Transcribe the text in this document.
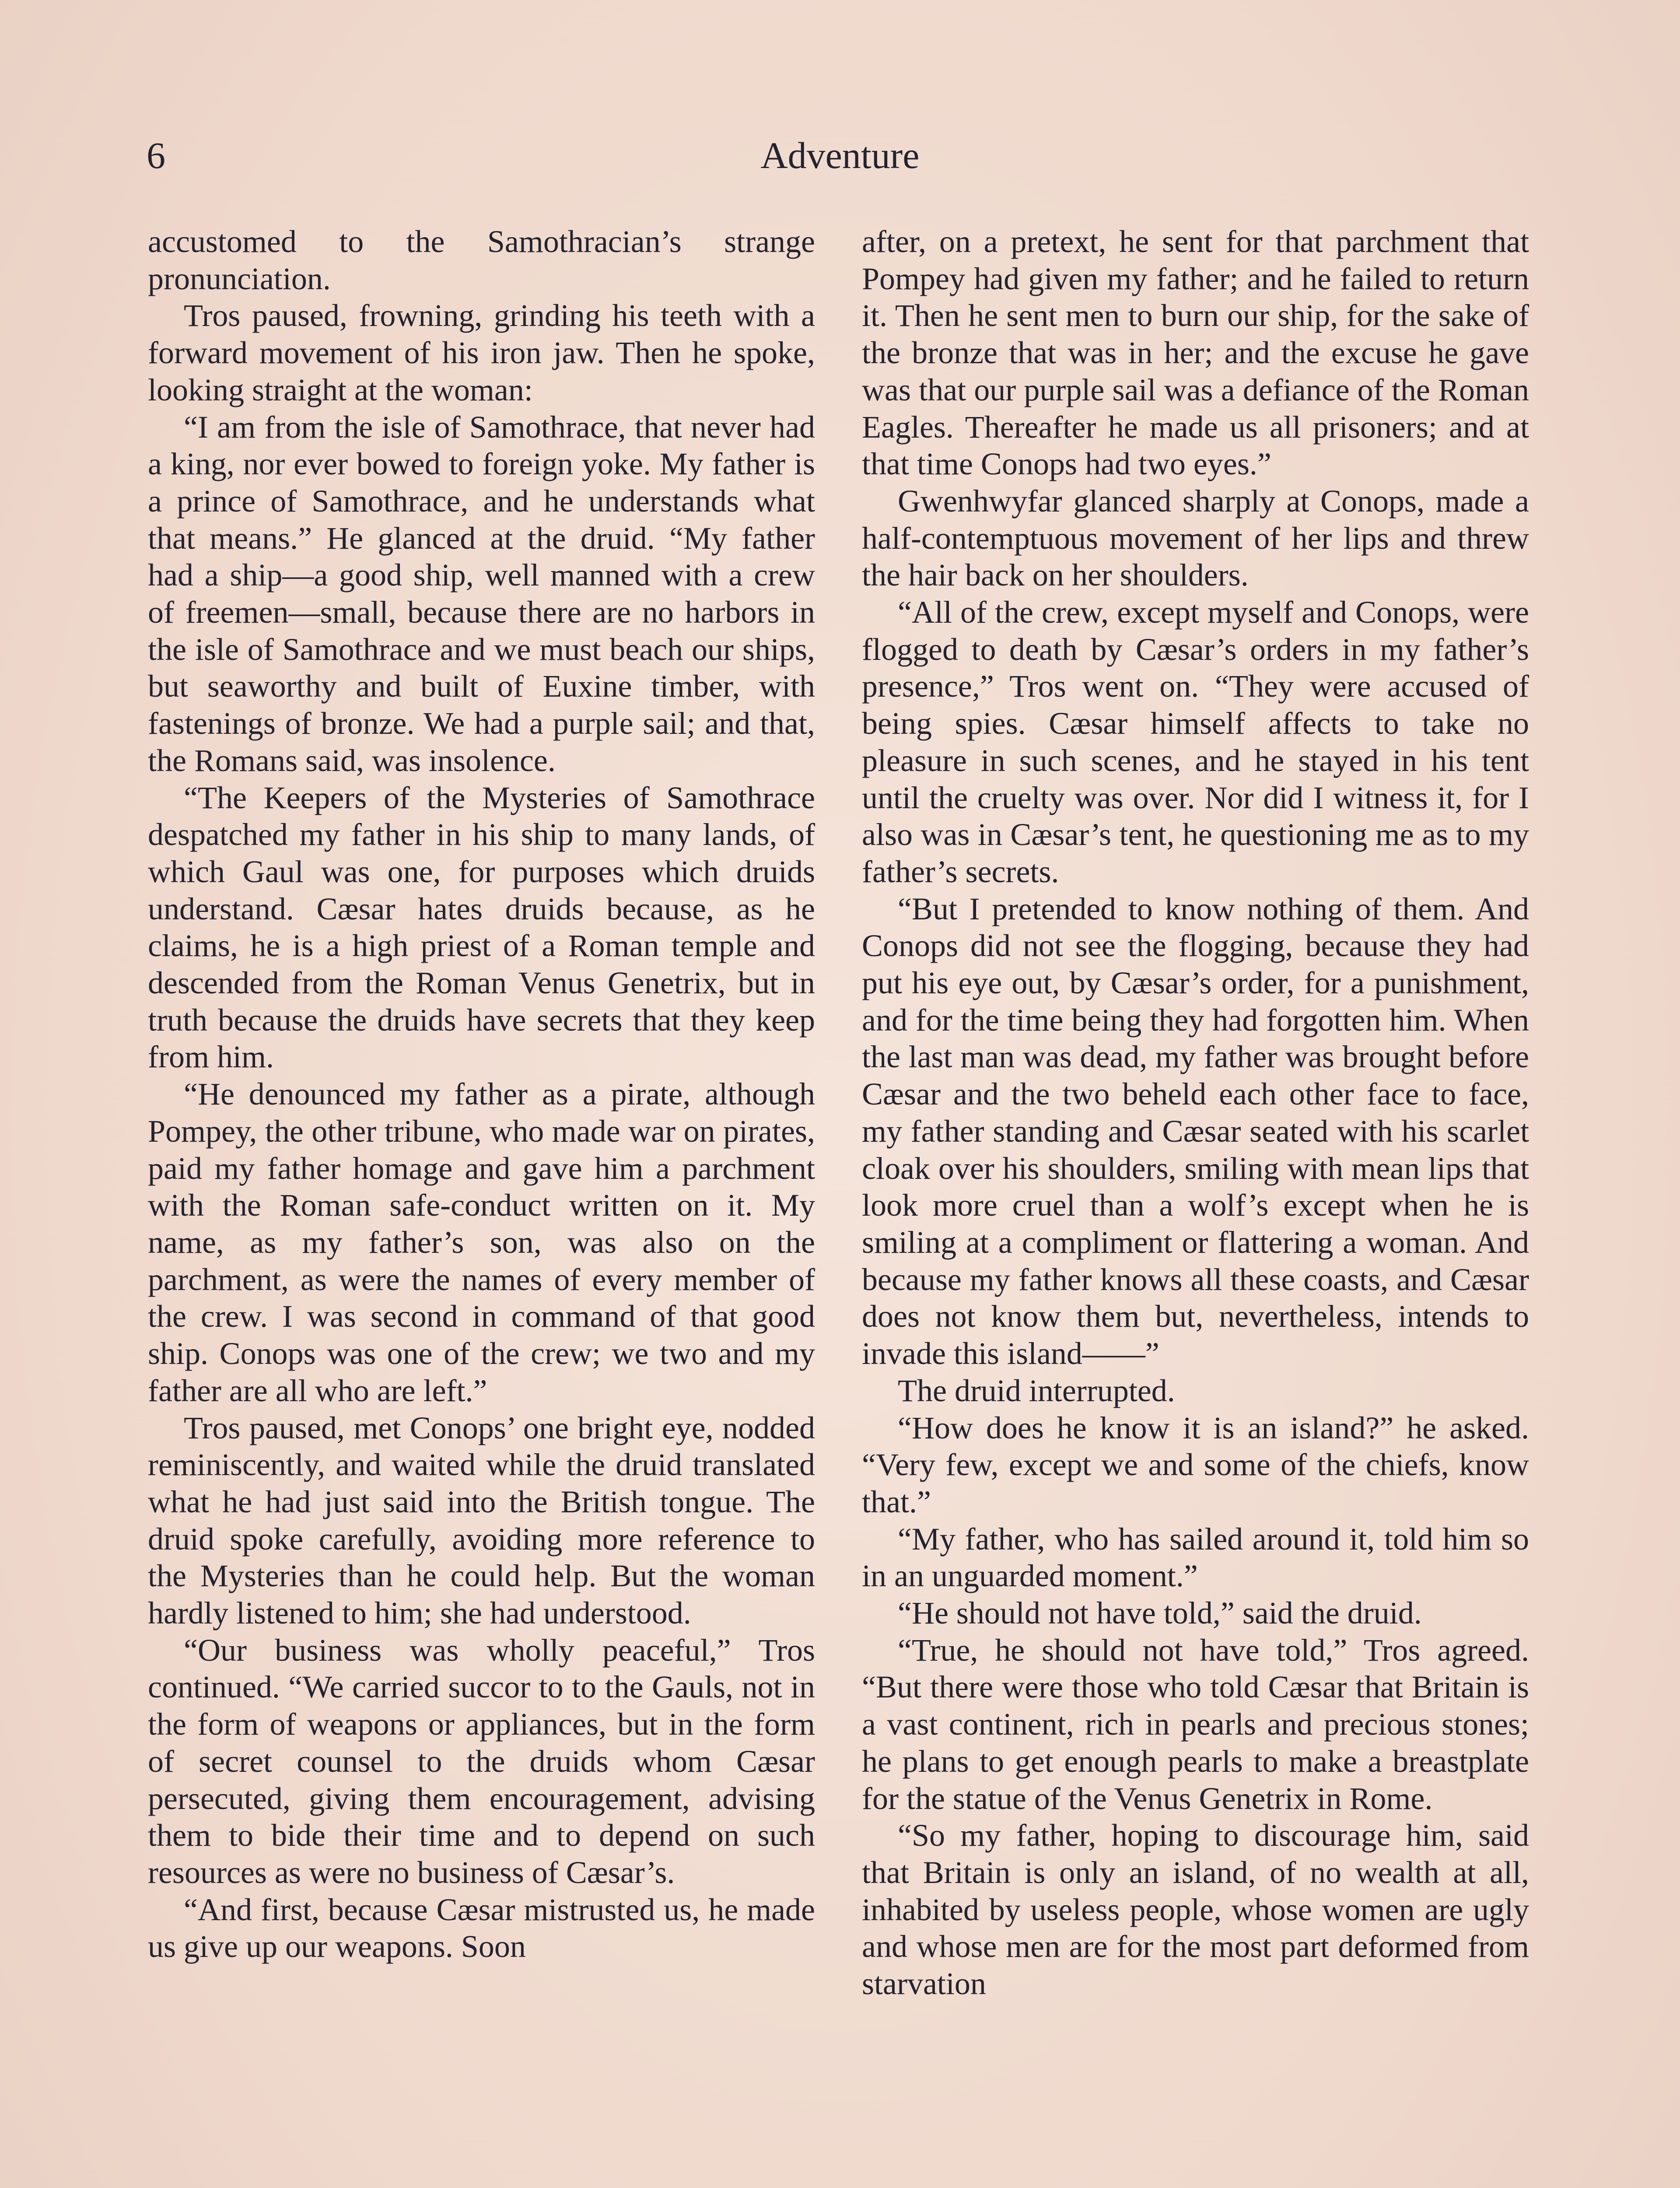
6	Adventure

accustomed to the Samothracian’s strange pronunciation.

Tros paused, frowning, grinding his teeth with a forward movement of his iron jaw. Then he spoke, looking straight at the woman:

“I am from the isle of Samothrace, that never had a king, nor ever bowed to foreign yoke. My father is a prince of Samothrace, and he understands what that means.” He glanced at the druid. “My father had a ship—a good ship, well manned with a crew of freemen—small, because there are no harbors in the isle of Samothrace and we must beach our ships, but seaworthy and built of Euxine timber, with fastenings of bronze. We had a purple sail; and that, the Romans said, was insolence.

“The Keepers of the Mysteries of Samothrace despatched my father in his ship to many lands, of which Gaul was one, for purposes which druids understand. Cæsar hates druids because, as he claims, he is a high priest of a Roman temple and descended from the Roman Venus Genetrix, but in truth because the druids have secrets that they keep from him.

“He denounced my father as a pirate, although Pompey, the other tribune, who made war on pirates, paid my father homage and gave him a parchment with the Roman safe-conduct written on it. My name, as my father’s son, was also on the parchment, as were the names of every member of the crew. I was second in command of that good ship. Conops was one of the crew; we two and my father are all who are left.”

Tros paused, met Conops’ one bright eye, nodded reminiscently, and waited while the druid translated what he had just said into the British tongue. The druid spoke carefully, avoiding more reference to the Mysteries than he could help. But the woman hardly listened to him; she had understood.

“Our business was wholly peaceful,” Tros continued. “We carried succor to to the Gauls, not in the form of weapons or appliances, but in the form of secret counsel to the druids whom Cæsar persecuted, giving them encouragement, advising them to bide their time and to depend on such resources as were no business of Cæsar’s.

“And first, because Cæsar mistrusted us, he made us give up our weapons. Soon

after, on a pretext, he sent for that parchment that Pompey had given my father; and he failed to return it. Then he sent men to burn our ship, for the sake of the bronze that was in her; and the excuse he gave was that our purple sail was a defiance of the Roman Eagles. Thereafter he made us all prisoners; and at that time Conops had two eyes.”

Gwenhwyfar glanced sharply at Conops, made a half-contemptuous movement of her lips and threw the hair back on her shoulders.

“All of the crew, except myself and Conops, were flogged to death by Cæsar’s orders in my father’s presence,” Tros went on. “They were accused of being spies. Cæsar himself affects to take no pleasure in such scenes, and he stayed in his tent until the cruelty was over. Nor did I witness it, for I also was in Cæsar’s tent, he questioning me as to my father’s secrets.

“But I pretended to know nothing of them. And Conops did not see the flogging, because they had put his eye out, by Cæsar’s order, for a punishment, and for the time being they had forgotten him. When the last man was dead, my father was brought before Cæsar and the two beheld each other face to face, my father standing and Cæsar seated with his scarlet cloak over his shoulders, smiling with mean lips that look more cruel than a wolf’s except when he is smiling at a compliment or flattering a woman. And because my father knows all these coasts, and Cæsar does not know them but, nevertheless, intends to invade this island——”

The druid interrupted.

“How does he know it is an island?” he asked. “Very few, except we and some of the chiefs, know that.”

“My father, who has sailed around it, told him so in an unguarded moment.”

“He should not have told,” said the druid.

“True, he should not have told,” Tros agreed. “But there were those who told Cæsar that Britain is a vast continent, rich in pearls and precious stones; he plans to get enough pearls to make a breastplate for the statue of the Venus Genetrix in Rome.

“So my father, hoping to discourage him, said that Britain is only an island, of no wealth at all, inhabited by useless people, whose women are ugly and whose men are for the most part deformed from starvation
